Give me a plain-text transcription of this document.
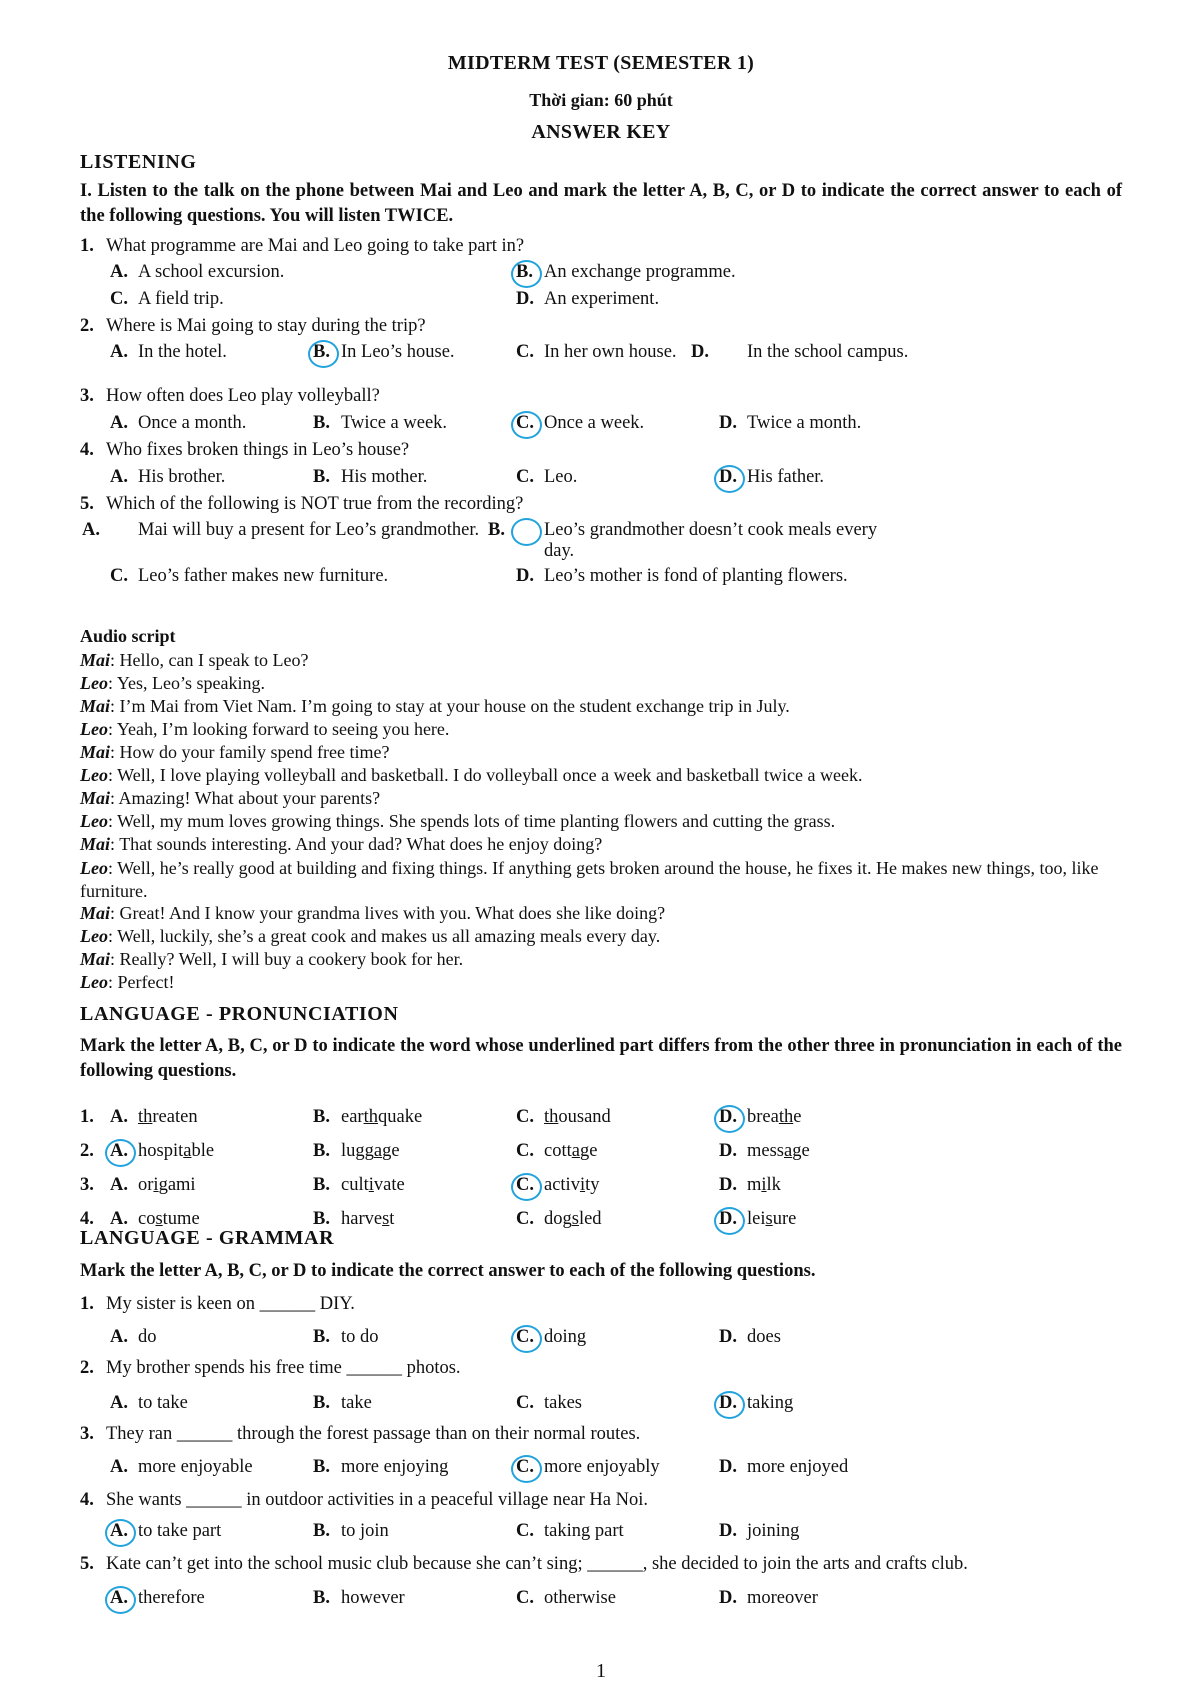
MIDTERM TEST (SEMESTER 1)
Thời gian: 60 phút
ANSWER KEY
LISTENING
I. Listen to the talk on the phone between Mai and Leo and mark the letter A, B, C, or D to indicate the correct answer to each of the following questions. You will listen TWICE.
1. What programme are Mai and Leo going to take part in?
A. A school excursion.	B. An exchange programme.
C. A field trip.	D. An experiment.
2. Where is Mai going to stay during the trip?
A. In the hotel.	B. In Leo’s house.	C. In her own house. D. In the school campus.
3. How often does Leo play volleyball?
A. Once a month.	B. Twice a week.	C. Once a week.	D. Twice a month.
4. Who fixes broken things in Leo’s house?
A. His brother.	B. His mother.	C. Leo.	D. His father.
5. Which of the following is NOT true from the recording?
A. Mai will buy a present for Leo’s grandmother. B. Leo’s grandmother doesn’t cook meals every day.
C. Leo’s father makes new furniture.	D. Leo’s mother is fond of planting flowers.
Audio script
Mai: Hello, can I speak to Leo?
Leo: Yes, Leo’s speaking.
Mai: I’m Mai from Viet Nam. I’m going to stay at your house on the student exchange trip in July.
Leo: Yeah, I’m looking forward to seeing you here.
Mai: How do your family spend free time?
Leo: Well, I love playing volleyball and basketball. I do volleyball once a week and basketball twice a week.
Mai: Amazing! What about your parents?
Leo: Well, my mum loves growing things. She spends lots of time planting flowers and cutting the grass.
Mai: That sounds interesting. And your dad? What does he enjoy doing?
Leo: Well, he’s really good at building and fixing things. If anything gets broken around the house, he fixes it. He makes new things, too, like furniture.
Mai: Great! And I know your grandma lives with you. What does she like doing?
Leo: Well, luckily, she’s a great cook and makes us all amazing meals every day.
Mai: Really? Well, I will buy a cookery book for her.
Leo: Perfect!
LANGUAGE - PRONUNCIATION
Mark the letter A, B, C, or D to indicate the word whose underlined part differs from the other three in pronunciation in each of the following questions.
1. A. threaten	B. earthquake	C. thousand	D. breathe
2. A. hospitable	B. luggage	C. cottage	D. message
3. A. origami	B. cultivate	C. activity	D. milk
4. A. costume	B. harvest	C. dogsled	D. leisure
LANGUAGE - GRAMMAR
Mark the letter A, B, C, or D to indicate the correct answer to each of the following questions.
1. My sister is keen on ______ DIY.
A. do	B. to do	C. doing	D. does
2. My brother spends his free time ______ photos.
A. to take	B. take	C. takes	D. taking
3. They ran ______ through the forest passage than on their normal routes.
A. more enjoyable	B. more enjoying	C. more enjoyably	D. more enjoyed
4. She wants ______ in outdoor activities in a peaceful village near Ha Noi.
A. to take part	B. to join	C. taking part	D. joining
5. Kate can’t get into the school music club because she can’t sing; ______, she decided to join the arts and crafts club.
A. therefore	B. however	C. otherwise	D. moreover
1
